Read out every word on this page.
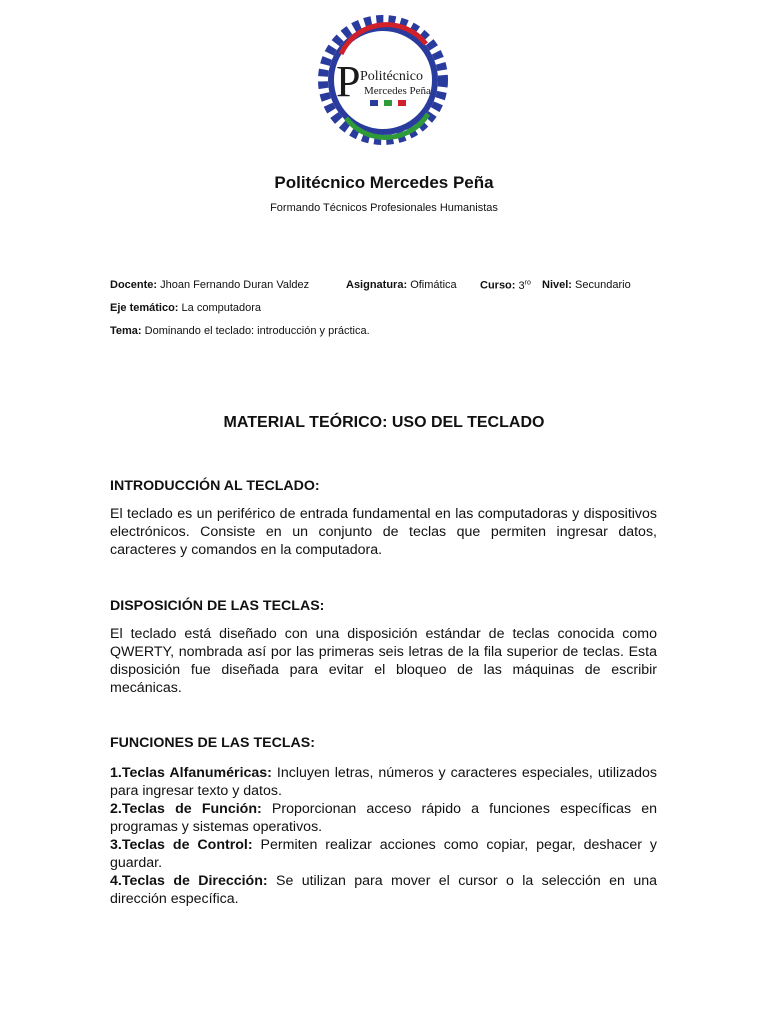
P Politécnico
Mercedes Peña
Politécnico Mercedes Peña
Formando Técnicos Profesionales Humanistas
Docente: Jhoan Fernando Duran Valdez	Asignatura: Ofimática Curso: $3^{ro}$ Nivel: Secundario
Eje temático: La computadora
Tema: Dominando el teclado: introducción y práctica.
MATERIAL TEÓRICO: USO DEL TECLADO
INTRODUCCIÓN AL TECLADO:

El teclado es un periférico de entrada fundamental en las computadoras y dispositivos electrónicos. Consiste en un conjunto de teclas que permiten ingresar datos, caracteres y comandos en la computadora.

DISPOSICIÓN DE LAS TECLAS:

El teclado está diseñado con una disposición estándar de teclas conocida como QWERTY, nombrada así por las primeras seis letras de la fila superior de teclas. Esta disposición fue diseñada para evitar el bloqueo de las máquinas de escribir mecánicas.

FUNCIONES DE LAS TECLAS:

1.Teclas Alfanuméricas: Incluyen letras, números y caracteres especiales, utilizados para ingresar texto y datos.

2.Teclas de Función: Proporcionan acceso rápido a funciones específicas en programas y sistemas operativos.

3.Teclas de Control: Permiten realizar acciones como copiar, pegar, deshacer y guardar.

4.Teclas de Dirección: Se utilizan para mover el cursor o la selección en una dirección específica.
